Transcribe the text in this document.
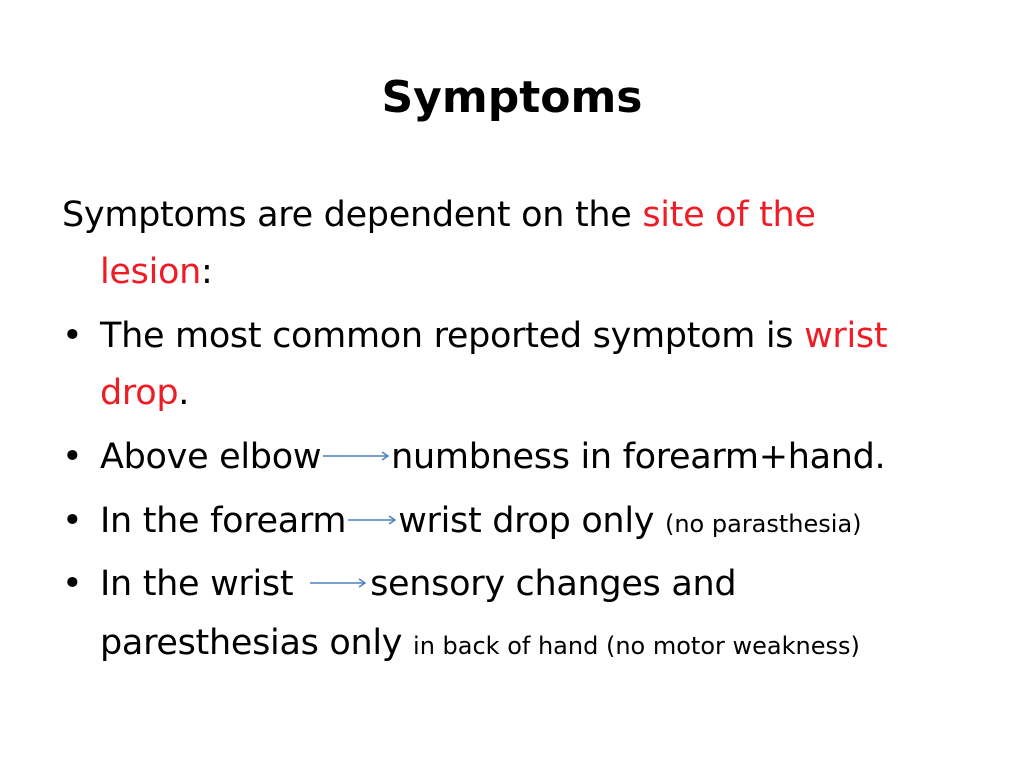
Symptoms
Symptoms are dependent on the site of the
lesion:
• The most common reported symptom is wrist
drop.
• Above elbow numbness in forearm+hand.
• In the forearm wrist drop only (no parasthesia)
• In the wrist sensory changes and
paresthesias only in back of hand (no motor weakness)
